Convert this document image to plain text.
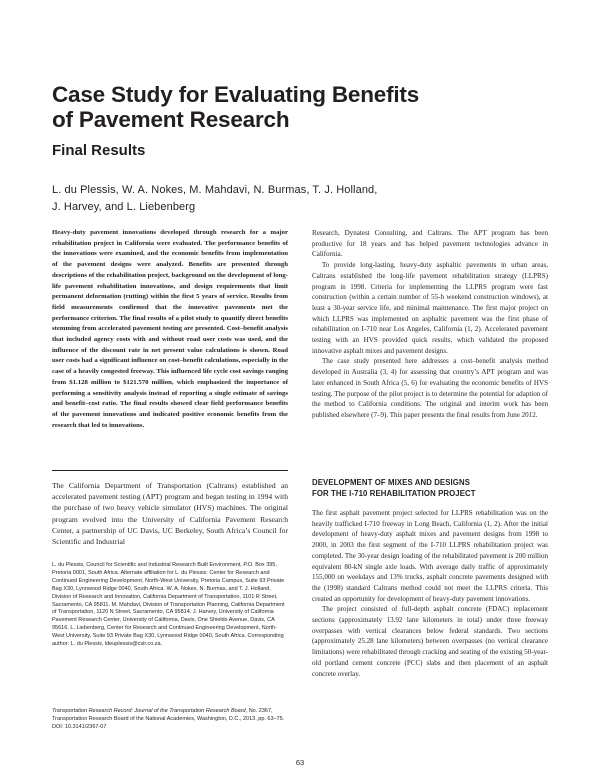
Case Study for Evaluating Benefits
of Pavement Research
Final Results
L. du Plessis, W. A. Nokes, M. Mahdavi, N. Burmas, T. J. Holland,
J. Harvey, and L. Liebenberg
Heavy-duty pavement innovations developed through research for a major rehabilitation project in California were evaluated. The performance benefits of the innovations were examined, and the economic benefits from implementation of the pavement designs were analyzed. Benefits are presented through descriptions of the rehabilitation project, background on the development of long-life pavement rehabilitation innovations, and design requirements that limit permanent deformation (rutting) within the first 5 years of service. Results from field measurements confirmed that the innovative pavements met the performance criterion. The final results of a pilot study to quantify direct benefits stemming from accelerated pavement testing are presented. Cost–benefit analysis that included agency costs with and without road user costs was used, and the influence of the discount rate in net present value calculations is shown. Road user costs had a significant influence on cost–benefit calculations, especially in the case of a heavily congested freeway. This influenced life cycle cost savings ranging from $1.128 million to $121.570 million, which emphasized the importance of performing a sensitivity analysis instead of reporting a single estimate of savings and benefit–cost ratio. The final results showed clear field performance benefits of the pavement innovations and indicated positive economic benefits from the research that led to innovations.
The California Department of Transportation (Caltrans) established an accelerated pavement testing (APT) program and began testing in 1994 with the purchase of two heavy vehicle simulator (HVS) machines. The original program evolved into the University of California Pavement Research Center, a partnership of UC Davis, UC Berkeley, South Africa’s Council for Scientific and Industrial
L. du Plessis, Council for Scientific and Industrial Research Built Environment, P.O. Box 395, Pretoria 0001, South Africa. Alternate affiliation for L. du Plessis: Center for Research and Continued Engineering Development, North-West University, Pretoria Campus, Suite 93 Private Bag X30, Lynnwood Ridge 0040, South Africa. W. A. Nokes, N. Burmas, and T. J. Holland, Division of Research and Innovation, California Department of Transportation, 1101 R Street, Sacramento, CA 95811. M. Mahdavi, Division of Transportation Planning, California Department of Transportation, 1120 N Street, Sacramento, CA 95814. J. Harvey, University of California Pavement Research Center, University of California, Davis, One Shields Avenue, Davis, CA 95616. L. Liebenberg, Center for Research and Continued Engineering Development, North-West University, Suite 93 Private Bag X30, Lynnwood Ridge 0040, South Africa. Corresponding author: L. du Plessis, ldeuplessis@csir.co.za.
Transportation Research Record: Journal of the Transportation Research Board, No. 2367, Transportation Research Board of the National Academies, Washington, D.C., 2013, pp. 63–75.
DOI: 10.3141/2367-07

Research, Dynatest Consulting, and Caltrans. The APT program has been productive for 18 years and has helped pavement technologies advance in California.

To provide long-lasting, heavy-duty asphaltic pavements in urban areas, Caltrans established the long-life pavement rehabilitation strategy (LLPRS) program in 1998. Criteria for implementing the LLPRS program were fast construction (within a certain number of 55-h weekend construction windows), at least a 30-year service life, and minimal maintenance. The first major project on which LLPRS was implemented on asphaltic pavement was the first phase of rehabilitation on I-710 near Los Angeles, California (1, 2). Accelerated pavement testing with an HVS provided quick results, which validated the proposed innovative asphalt mixes and pavement designs.

The case study presented here addresses a cost–benefit analysis method developed in Australia (3, 4) for assessing that country’s APT program and was later enhanced in South Africa (5, 6) for evaluating the economic benefits of HVS testing. The purpose of the pilot project is to determine the potential for adaption of the method to California conditions. The original and interim work has been published elsewhere (7–9). This paper presents the final results from June 2012.

DEVELOPMENT OF MIXES AND DESIGNS
FOR THE I-710 REHABILITATION PROJECT

The first asphalt pavement project selected for LLPRS rehabilitation was on the heavily trafficked I-710 freeway in Long Beach, California (1, 2). After the initial development of heavy-duty asphalt mixes and pavement designs from 1998 to 2000, in 2003 the first segment of the I-710 LLPRS rehabilitation project was completed. The 30-year design loading of the rehabilitated pavement is 200 million equivalent 80-kN single axle loads. With average daily traffic of approximately 155,000 on weekdays and 13% trucks, asphalt concrete pavements designed with the (1998) standard Caltrans method could not meet the LLPRS criteria. This created an opportunity for development of heavy-duty pavement innovations.

The project consisted of full-depth asphalt concrete (FDAC) replacement sections (approximately 13.92 lane kilometers in total) under three freeway overpasses with vertical clearances below federal standards. Two sections (approximately 25.28 lane kilometers) between overpasses (no vertical clearance limitations) were rehabilitated through cracking and seating of the existing 50-year-old portland cement concrete (PCC) slabs and then placement of an asphalt concrete overlay.

63
